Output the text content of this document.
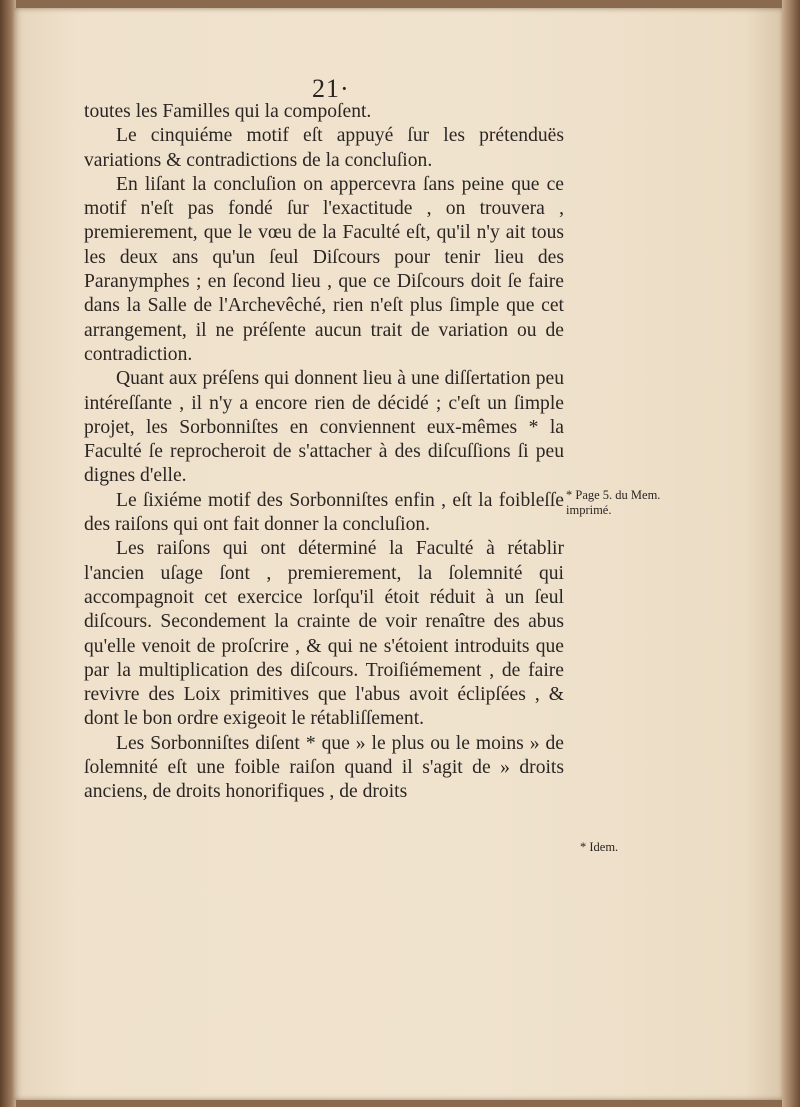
21·

toutes les Familles qui la compoſent.

Le cinquiéme motif eſt appuyé ſur les prétenduës variations & contradictions de la concluſion.

En liſant la concluſion on appercevra ſans peine que ce motif n'eſt pas fondé ſur l'exactitude , on trouvera , premierement, que le vœu de la Faculté eſt, qu'il n'y ait tous les deux ans qu'un ſeul Diſcours pour tenir lieu des Paranymphes ; en ſecond lieu , que ce Diſcours doit ſe faire dans la Salle de l'Archevêché, rien n'eſt plus ſimple que cet arrangement, il ne préſente aucun trait de variation ou de contradiction.

Quant aux préſens qui donnent lieu à une diſſertation peu intéreſſante , il n'y a encore rien de décidé ; c'eſt un ſimple projet, les Sorbonniſtes en conviennent eux-mêmes * la Faculté ſe reprocheroit de s'attacher à des diſcuſſions ſi peu dignes d'elle.

Le ſixiéme motif des Sorbonniſtes enfin , eſt la foibleſſe des raiſons qui ont fait donner la concluſion.

Les raiſons qui ont déterminé la Faculté à rétablir l'ancien uſage ſont , premierement, la ſolemnité qui accompagnoit cet exercice lorſqu'il étoit réduit à un ſeul diſcours. Secondement la crainte de voir renaître des abus qu'elle venoit de proſcrire , & qui ne s'étoient introduits que par la multiplication des diſcours. Troiſiémement , de faire revivre des Loix primitives que l'abus avoit éclipſées , & dont le bon ordre exigeoit le rétabliſſement.

Les Sorbonniſtes diſent * que » le plus ou le moins » de ſolemnité eſt une foible raiſon quand il s'agit de » droits anciens, de droits honorifiques , de droits

* Page 5. du Mem. imprimé.
* Idem.
